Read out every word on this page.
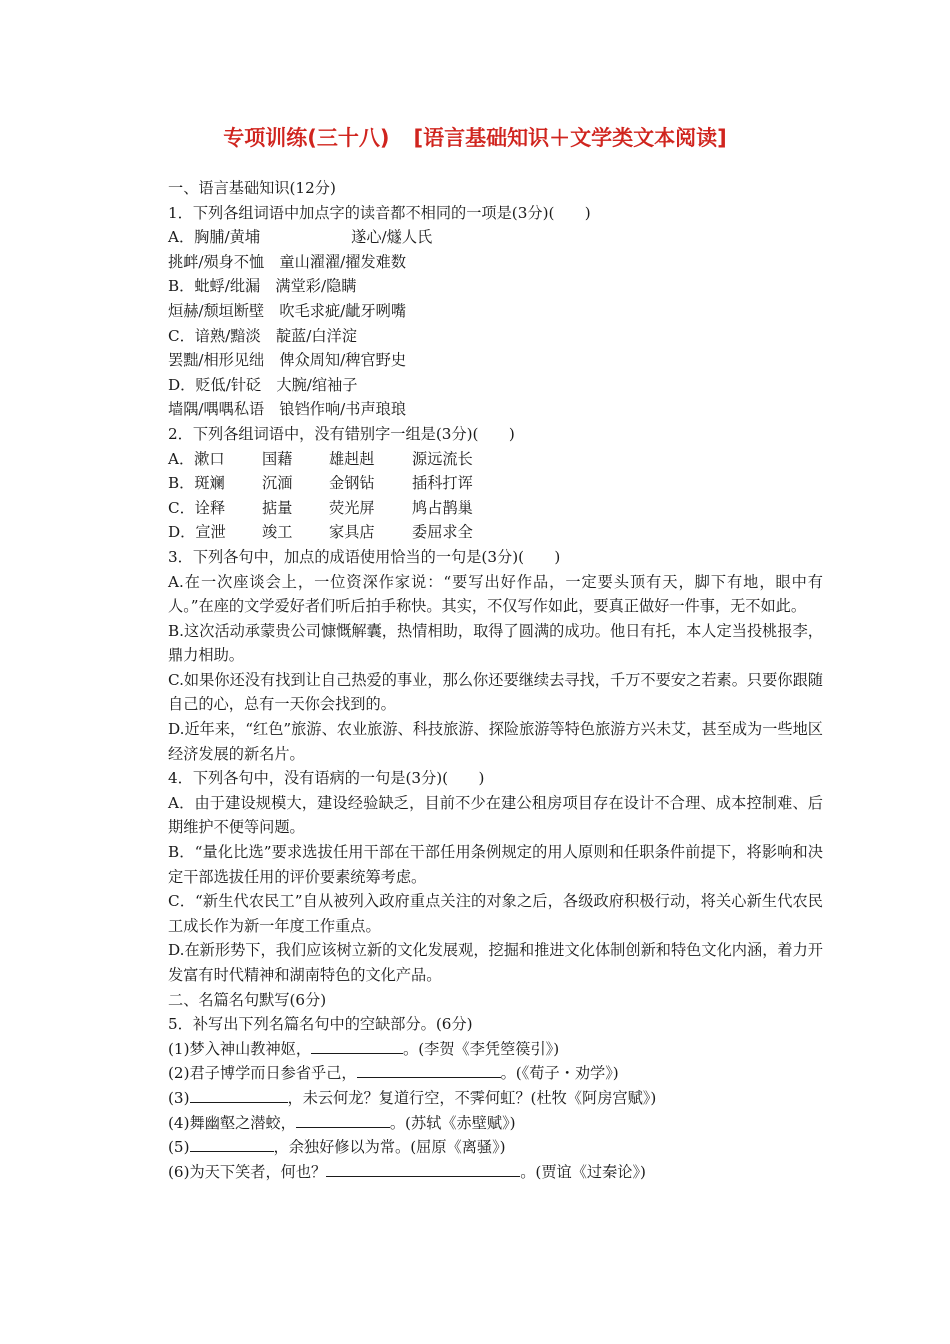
专项训练(三十八) [语言基础知识＋文学类文本阅读]
一、语言基础知识(12分)
1．下列各组词语中加点字的读音都不相同的一项是(3分)(　　)
A．胸脯/黄埔　　　　　　遂心/燧人氏
挑衅/殒身不恤　童山濯濯/擢发难数
B．蚍蜉/纰漏　满堂彩/隐瞒
烜赫/颓垣断壁　吹毛求疵/龇牙咧嘴
C．谙熟/黯淡　靛蓝/白洋淀
罢黜/相形见绌　俾众周知/稗官野史
D．贬低/针砭　大腕/绾袖子
墙隅/喁喁私语　锒铛作响/书声琅琅
2．下列各组词语中，没有错别字一组是(3分)(　　)
A．漱口	国藉	雄赳赳	源远流长
B．斑斓	沉湎	金钢钻	插科打诨
C．诠释	掂量	荧光屏	鸠占鹊巢
D．宣泄	竣工	家具店	委屈求全
3．下列各句中，加点的成语使用恰当的一句是(3分)(　　)
A.在一次座谈会上，一位资深作家说：“要写出好作品，一定要头顶有天，脚下有地，眼中有人。”在座的文学爱好者们听后拍手称快。其实，不仅写作如此，要真正做好一件事，无不如此。
B.这次活动承蒙贵公司慷慨解囊，热情相助，取得了圆满的成功。他日有托，本人定当投桃报李，鼎力相助。
C.如果你还没有找到让自己热爱的事业，那么你还要继续去寻找，千万不要安之若素。只要你跟随自己的心，总有一天你会找到的。
D.近年来，“红色”旅游、农业旅游、科技旅游、探险旅游等特色旅游方兴未艾，甚至成为一些地区经济发展的新名片。
4．下列各句中，没有语病的一句是(3分)(　　)
A．由于建设规模大，建设经验缺乏，目前不少在建公租房项目存在设计不合理、成本控制难、后期维护不便等问题。
B．“量化比选”要求选拔任用干部在干部任用条例规定的用人原则和任职条件前提下，将影响和决定干部选拔任用的评价要素统筹考虑。
C．“新生代农民工”自从被列入政府重点关注的对象之后，各级政府积极行动，将关心新生代农民工成长作为新一年度工作重点。
D.在新形势下，我们应该树立新的文化发展观，挖掘和推进文化体制创新和特色文化内涵，着力开发富有时代精神和湖南特色的文化产品。
二、名篇名句默写(6分)
5．补写出下列名篇名句中的空缺部分。(6分)
(1)梦入神山教神妪，	。(李贺《李凭箜篌引》)
(2)君子博学而日参省乎己，	。(《荀子・劝学》)
(3)	，未云何龙？复道行空，不霁何虹？(杜牧《阿房宫赋》)
(4)舞幽壑之潜蛟，	。(苏轼《赤壁赋》)
(5)	，余独好修以为常。(屈原《离骚》)
(6)为天下笑者，何也？	。(贾谊《过秦论》)
